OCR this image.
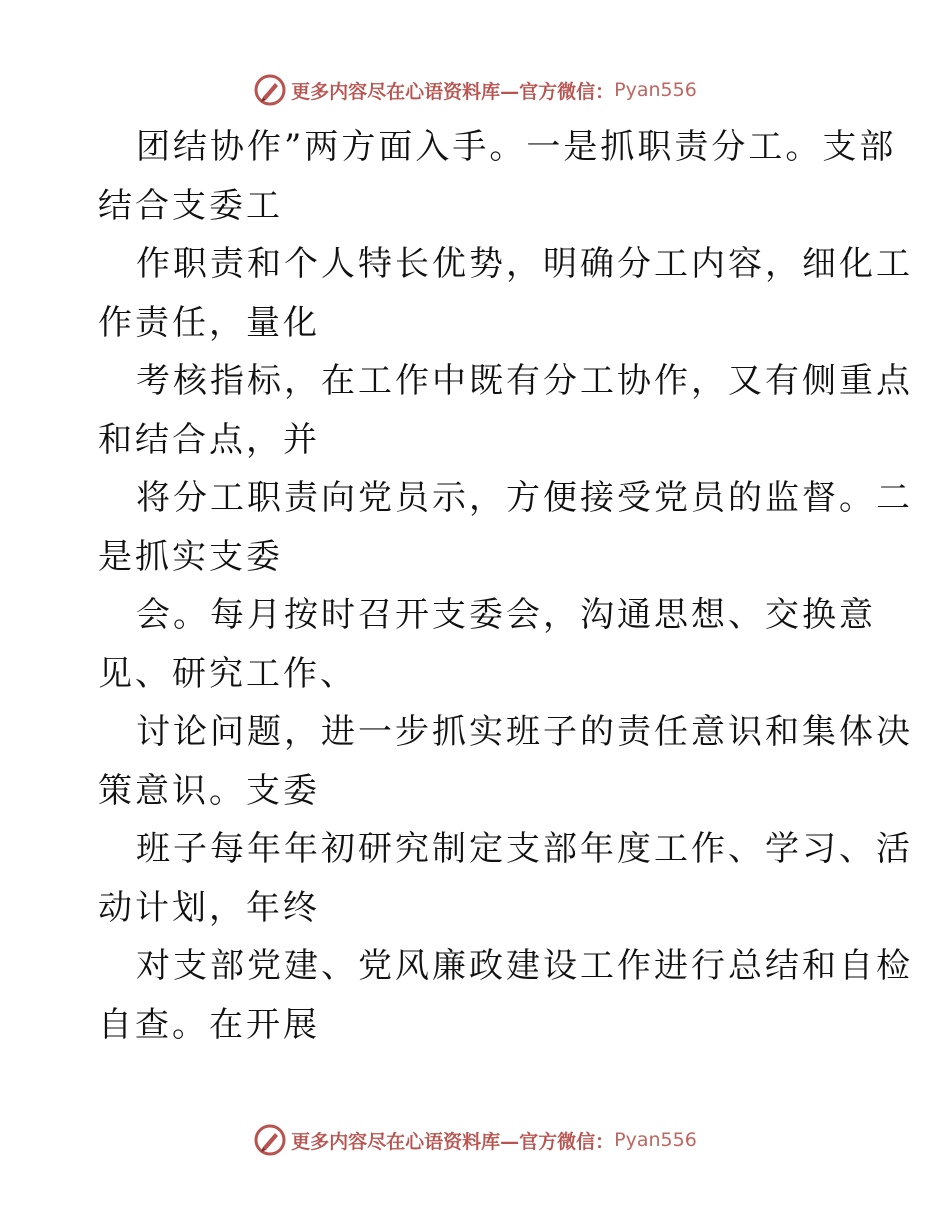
更多内容尽在心语资料库—官方微信： Pyan556
团结协作”两方面入手。一是抓职责分工。支部
结合支委工
作职责和个人特长优势，明确分工内容，细化工
作责任，量化
考核指标，在工作中既有分工协作，又有侧重点
和结合点，并
将分工职责向党员示，方便接受党员的监督。二
是抓实支委
会。每月按时召开支委会，沟通思想、交换意
见、研究工作、
讨论问题，进一步抓实班子的责任意识和集体决
策意识。支委
班子每年年初研究制定支部年度工作、学习、活
动计划，年终
对支部党建、党风廉政建设工作进行总结和自检
自查。在开展
更多内容尽在心语资料库—官方微信： Pyan556
